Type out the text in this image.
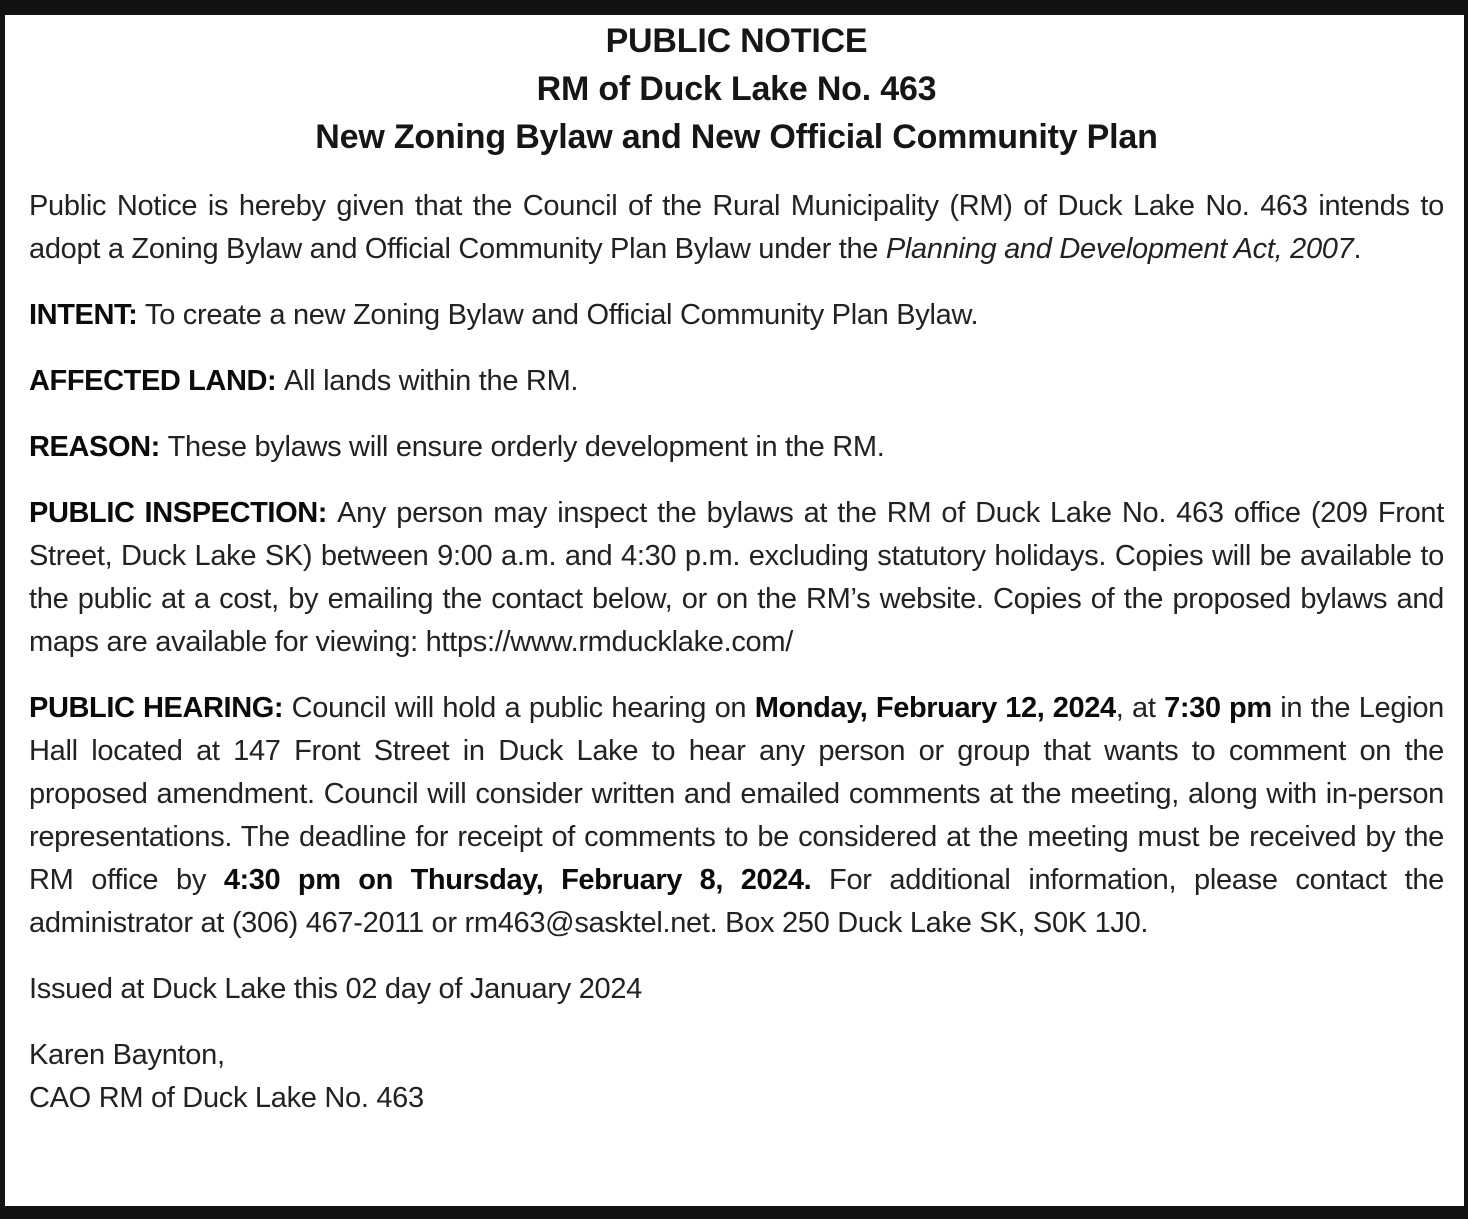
PUBLIC NOTICE

RM of Duck Lake No. 463

New Zoning Bylaw and New Official Community Plan

Public Notice is hereby given that the Council of the Rural Municipality (RM) of Duck Lake No. 463 intends to adopt a Zoning Bylaw and Official Community Plan Bylaw under the Planning and Development Act, 2007.

INTENT: To create a new Zoning Bylaw and Official Community Plan Bylaw.

AFFECTED LAND: All lands within the RM.

REASON: These bylaws will ensure orderly development in the RM.

PUBLIC INSPECTION: Any person may inspect the bylaws at the RM of Duck Lake No. 463 office (209 Front Street, Duck Lake SK) between 9:00 a.m. and 4:30 p.m. excluding statutory holidays. Copies will be available to the public at a cost, by emailing the contact below, or on the RM’s website. Copies of the proposed bylaws and maps are available for viewing: https://www.rmducklake.com/

PUBLIC HEARING: Council will hold a public hearing on Monday, February 12, 2024, at 7:30 pm in the Legion Hall located at 147 Front Street in Duck Lake to hear any person or group that wants to comment on the proposed amendment. Council will consider written and emailed comments at the meeting, along with in-person representations. The deadline for receipt of comments to be considered at the meeting must be received by the RM office by 4:30 pm on Thursday, February 8, 2024. For additional information, please contact the administrator at (306) 467-2011 or rm463@sasktel.net. Box 250 Duck Lake SK, S0K 1J0.

Issued at Duck Lake this 02 day of January 2024

Karen Baynton,
CAO RM of Duck Lake No. 463
